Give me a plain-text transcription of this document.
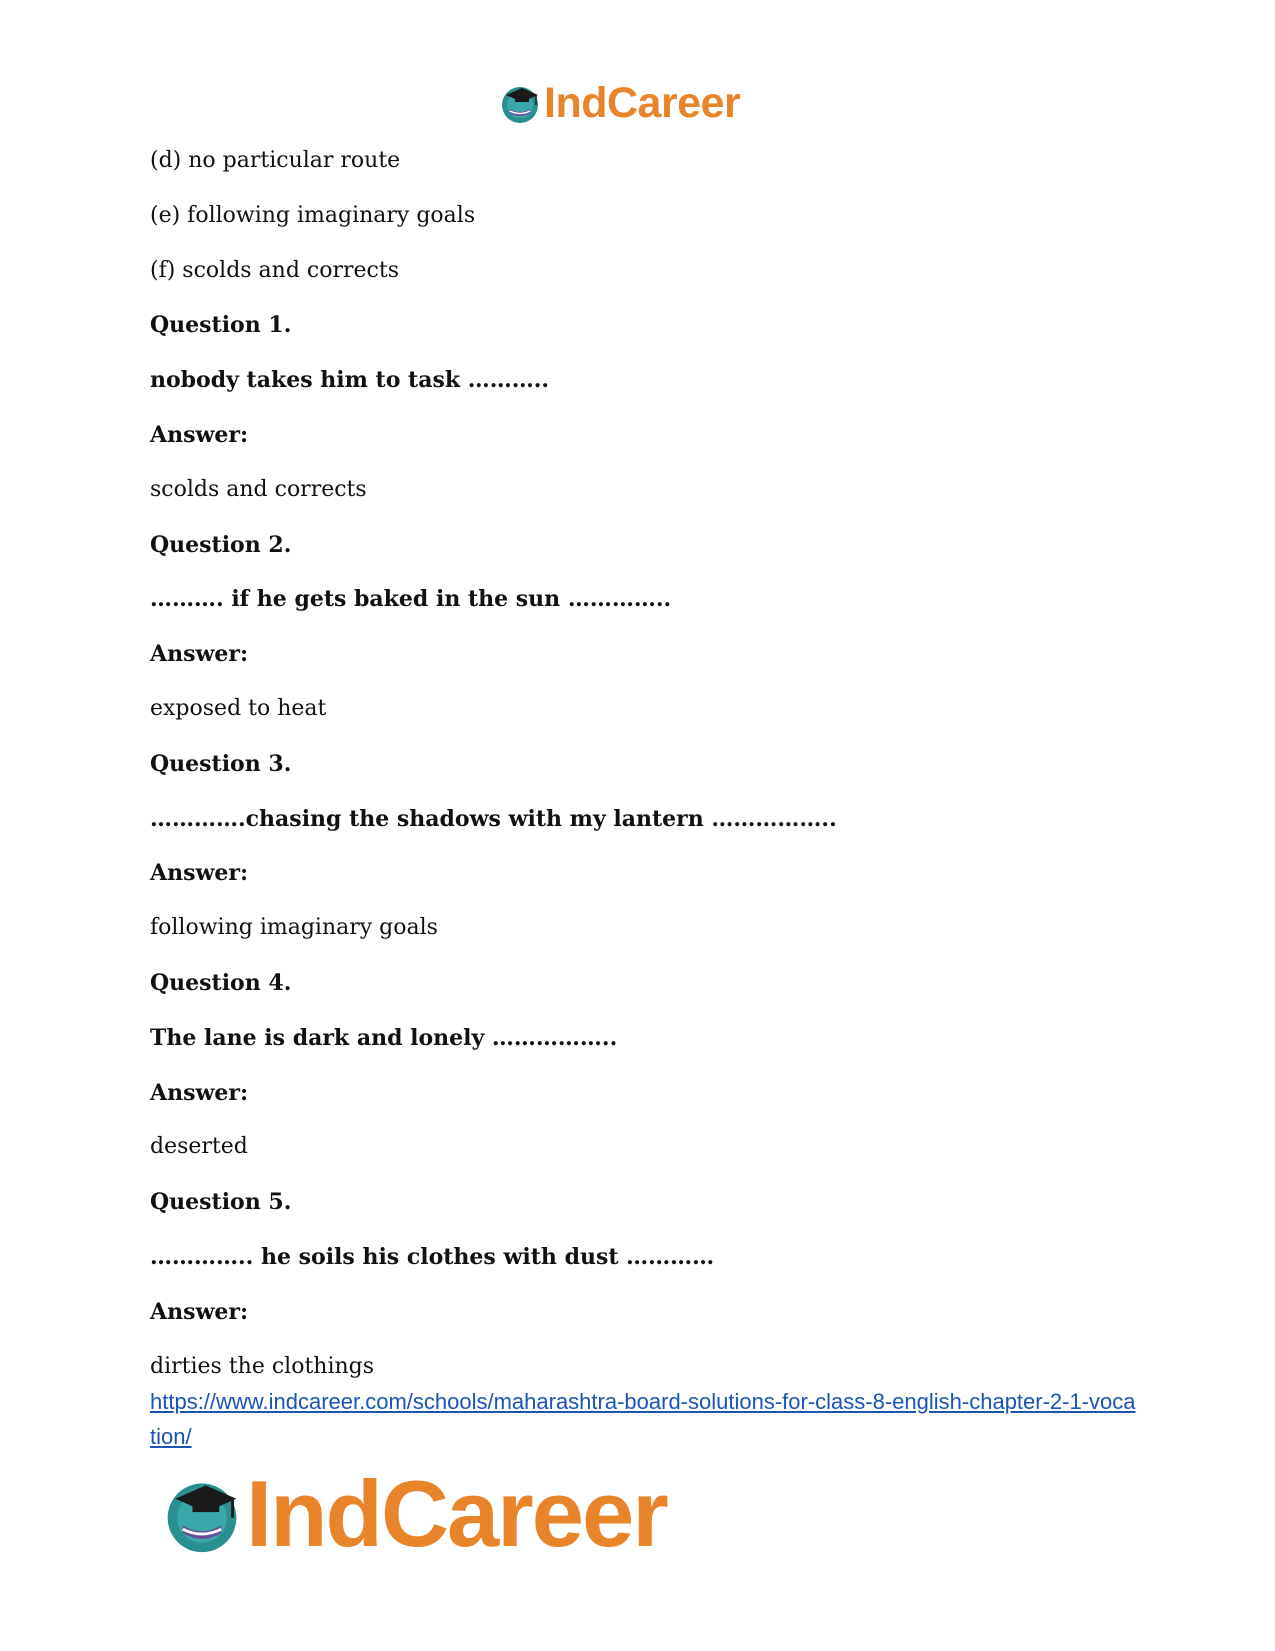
IndCareer

(d) no particular route

(e) following imaginary goals

(f) scolds and corrects

Question 1.

nobody takes him to task ………..

Answer:

scolds and corrects

Question 2.

………. if he gets baked in the sun …………..

Answer:

exposed to heat

Question 3.

………….chasing the shadows with my lantern ……………..

Answer:

following imaginary goals

Question 4.

The lane is dark and lonely ……………..

Answer:

deserted

Question 5.

………….. he soils his clothes with dust …………

Answer:

dirties the clothings

https://www.indcareer.com/schools/maharashtra-board-solutions-for-class-8-english-chapter-2-1-vocation/
IndCareer
